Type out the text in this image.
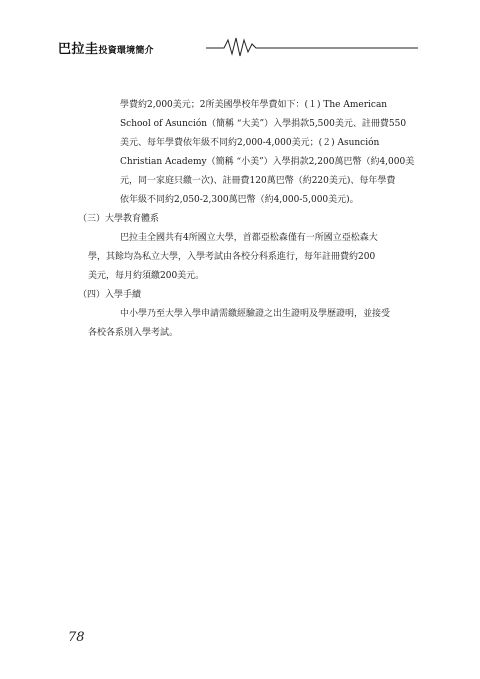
巴拉圭投資環境簡介
學費約2,000美元；2所美國學校年學費如下：(１) The American
School of Asunción（簡稱 “大美”）入學捐款5,500美元、註冊費550
美元、每年學費依年級不同約2,000-4,000美元；(２) Asunción
Christian Academy（簡稱 “小美”）入學捐款2,200萬巴幣（約4,000美
元，同一家庭只繳一次)、註冊費120萬巴幣（約220美元)、每年學費
依年級不同約2,050-2,300萬巴幣（約4,000-5,000美元)。
（三）大學教育體系
巴拉圭全國共有4所國立大學，首都亞松森僅有一所國立亞松森大
學，其餘均為私立大學，入學考試由各校分科系進行，每年註冊費約200
美元，每月約須繳200美元。
（四）入學手續
中小學乃至大學入學申請需繳經驗證之出生證明及學歷證明，並接受
各校各系別入學考試。
78
